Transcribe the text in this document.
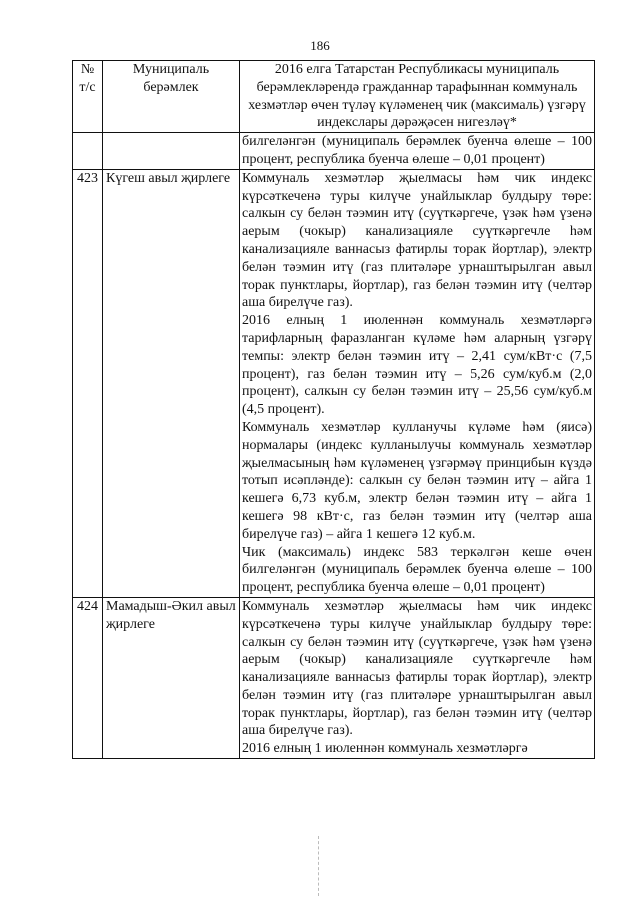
186
№ т/с	Муниципаль берәмлек	2016 елга Татарстан Республикасы муниципаль берәмлекләрендә гражданнар тарафыннан коммуналь хезмәтләр өчен түләү күләменең чик (максималь) үзгәрү индекслары дәрәҗәсен нигезләү*

		билгеләнгән (муниципаль берәмлек буенча өлеше – 100 процент, республика буенча өлеше – 0,01 процент)

423	Күгеш авыл җирлеге	Коммуналь хезмәтләр җыелмасы һәм чик индекс күрсәткеченә туры килүче унайлыклар булдыру төре: салкын су белән тәэмин итү (суүткәргече, үзәк һәм үзенә аерым (чокыр) канализацияле суүткәргечле һәм канализацияле ваннасыз фатирлы торак йортлар), электр белән тәэмин итү (газ плитәләре урнаштырылган авыл торак пунктлары, йортлар), газ белән тәэмин итү (челтәр аша бирелүче газ).

2016 елның 1 июленнән коммуналь хезмәтләргә тарифларның фаразланган күләме һәм аларның үзгәрү темпы: электр белән тәэмин итү – 2,41 сум/кВт·с (7,5 процент), газ белән тәэмин итү – 5,26 сум/куб.м (2,0 процент), салкын су белән тәэмин итү – 25,56 сум/куб.м (4,5 процент).

Коммуналь хезмәтләр кулланучы күләме һәм (яисә) нормалары (индекс кулланылучы коммуналь хезмәтләр җыелмасының һәм күләменең үзгәрмәү принцибын күздә тотып исәпләнде): салкын су белән тәэмин итү – айга 1 кешегә 6,73 куб.м, электр белән тәэмин итү – айга 1 кешегә 98 кВт·с, газ белән тәэмин итү (челтәр аша бирелүче газ) – айга 1 кешегә 12 куб.м.

Чик (максималь) индекс 583 теркәлгән кеше өчен билгеләнгән (муниципаль берәмлек буенча өлеше – 100 процент, республика буенча өлеше – 0,01 процент)

424	Мамадыш-Әкил авыл җирлеге	Коммуналь хезмәтләр җыелмасы һәм чик индекс күрсәткеченә туры килүче унайлыклар булдыру төре: салкын су белән тәэмин итү (суүткәргече, үзәк һәм үзенә аерым (чокыр) канализацияле суүткәргечле һәм канализацияле ваннасыз фатирлы торак йортлар), электр белән тәэмин итү (газ плитәләре урнаштырылган авыл торак пунктлары, йортлар), газ белән тәэмин итү (челтәр аша бирелүче газ).

2016 елның 1 июленнән коммуналь хезмәтләргә
